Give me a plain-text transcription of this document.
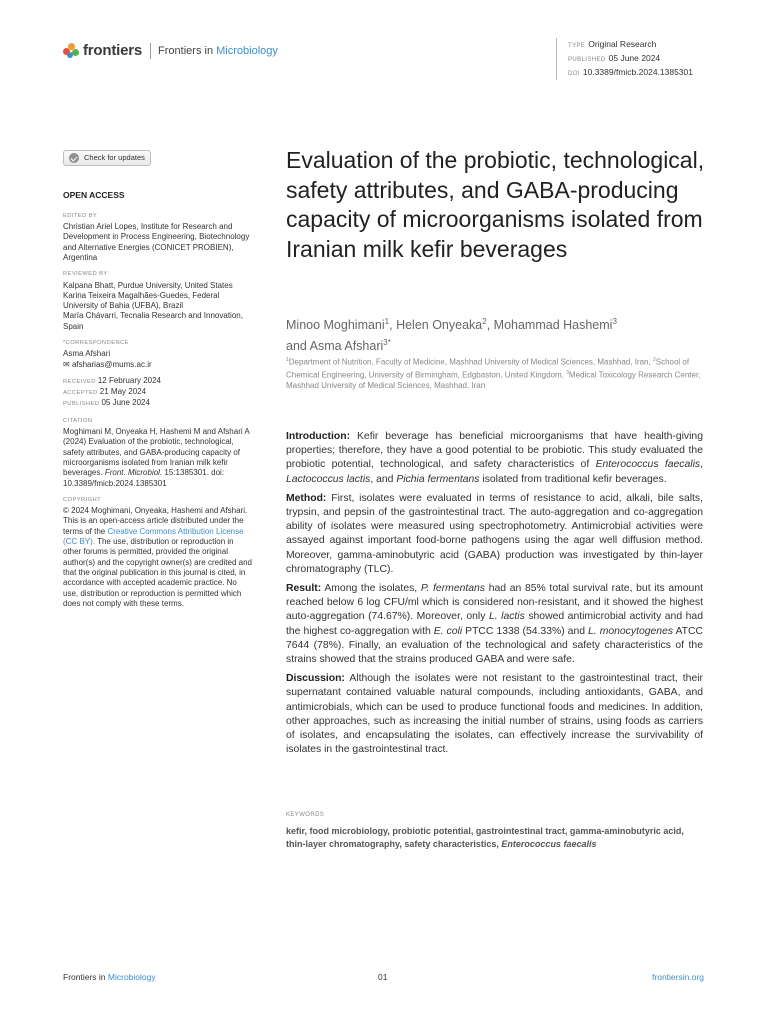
frontiers Frontiers in Microbiology	TYPE Original Research
PUBLISHED 05 June 2024
DOI 10.3389/fmicb.2024.1385301
Check for updates
OPEN ACCESS
EDITED BY
Christian Ariel Lopes, Institute for Research and Development in Process Engineering, Biotechnology and Alternative Energies (CONICET PROBIEN), Argentina
REVIEWED BY
Kalpana Bhatt, Purdue University, United States
Karina Teixeira Magalhães-Guedes, Federal University of Bahia (UFBA), Brazil
María Chávarri, Tecnalia Research and Innovation, Spain
*CORRESPONDENCE
Asma Afshari
✉ afsharias@mums.ac.ir
RECEIVED 12 February 2024
ACCEPTED 21 May 2024
PUBLISHED 05 June 2024
CITATION
Moghimani M, Onyeaka H, Hashemi M and Afshari A (2024) Evaluation of the probiotic, technological, safety attributes, and GABA-producing capacity of microorganisms isolated from Iranian milk kefir beverages. Front. Microbiol. 15:1385301. doi: 10.3389/fmicb.2024.1385301
COPYRIGHT
© 2024 Moghimani, Onyeaka, Hashemi and Afshari. This is an open-access article distributed under the terms of the Creative Commons Attribution License (CC BY). The use, distribution or reproduction in other forums is permitted, provided the original author(s) and the copyright owner(s) are credited and that the original publication in this journal is cited, in accordance with accepted academic practice. No use, distribution or reproduction is permitted which does not comply with these terms.
Evaluation of the probiotic, technological, safety attributes, and GABA-producing capacity of microorganisms isolated from Iranian milk kefir beverages
Minoo Moghimani$^1$, Helen Onyeaka$^2$, Mohammad Hashemi$^3$
and Asma Afshari$^{3*}$
$^1$Department of Nutrition, Faculty of Medicine, Mashhad University of Medical Sciences, Mashhad, Iran, $^2$School of Chemical Engineering, University of Birmingham, Edgbaston, United Kingdom, $^3$Medical Toxicology Research Center, Mashhad University of Medical Sciences, Mashhad, Iran

Introduction: Kefir beverage has beneficial microorganisms that have health-giving properties; therefore, they have a good potential to be probiotic. This study evaluated the probiotic potential, technological, and safety characteristics of Enterococcus faecalis, Lactococcus lactis, and Pichia fermentans isolated from traditional kefir beverages.

Method: First, isolates were evaluated in terms of resistance to acid, alkali, bile salts, trypsin, and pepsin of the gastrointestinal tract. The auto-aggregation and co-aggregation ability of isolates were measured using spectrophotometry. Antimicrobial activities were assayed against important food-borne pathogens using the agar well diffusion method. Moreover, gamma-aminobutyric acid (GABA) production was investigated by thin-layer chromatography (TLC).

Result: Among the isolates, P. fermentans had an 85% total survival rate, but its amount reached below 6 log CFU/ml which is considered non-resistant, and it showed the highest auto-aggregation (74.67%). Moreover, only L. lactis showed antimicrobial activity and had the highest co-aggregation with E. coli PTCC 1338 (54.33%) and L. monocytogenes ATCC 7644 (78%). Finally, an evaluation of the technological and safety characteristics of the strains showed that the strains produced GABA and were safe.

Discussion: Although the isolates were not resistant to the gastrointestinal tract, their supernatant contained valuable natural compounds, including antioxidants, GABA, and antimicrobials, which can be used to produce functional foods and medicines. In addition, other approaches, such as increasing the initial number of strains, using foods as carriers of isolates, and encapsulating the isolates, can effectively increase the survivability of isolates in the gastrointestinal tract.

KEYWORDS
kefir, food microbiology, probiotic potential, gastrointestinal tract, gamma-aminobutyric acid, thin-layer chromatography, safety characteristics, Enterococcus faecalis
Frontiers in Microbiology	01	frontiersin.org
